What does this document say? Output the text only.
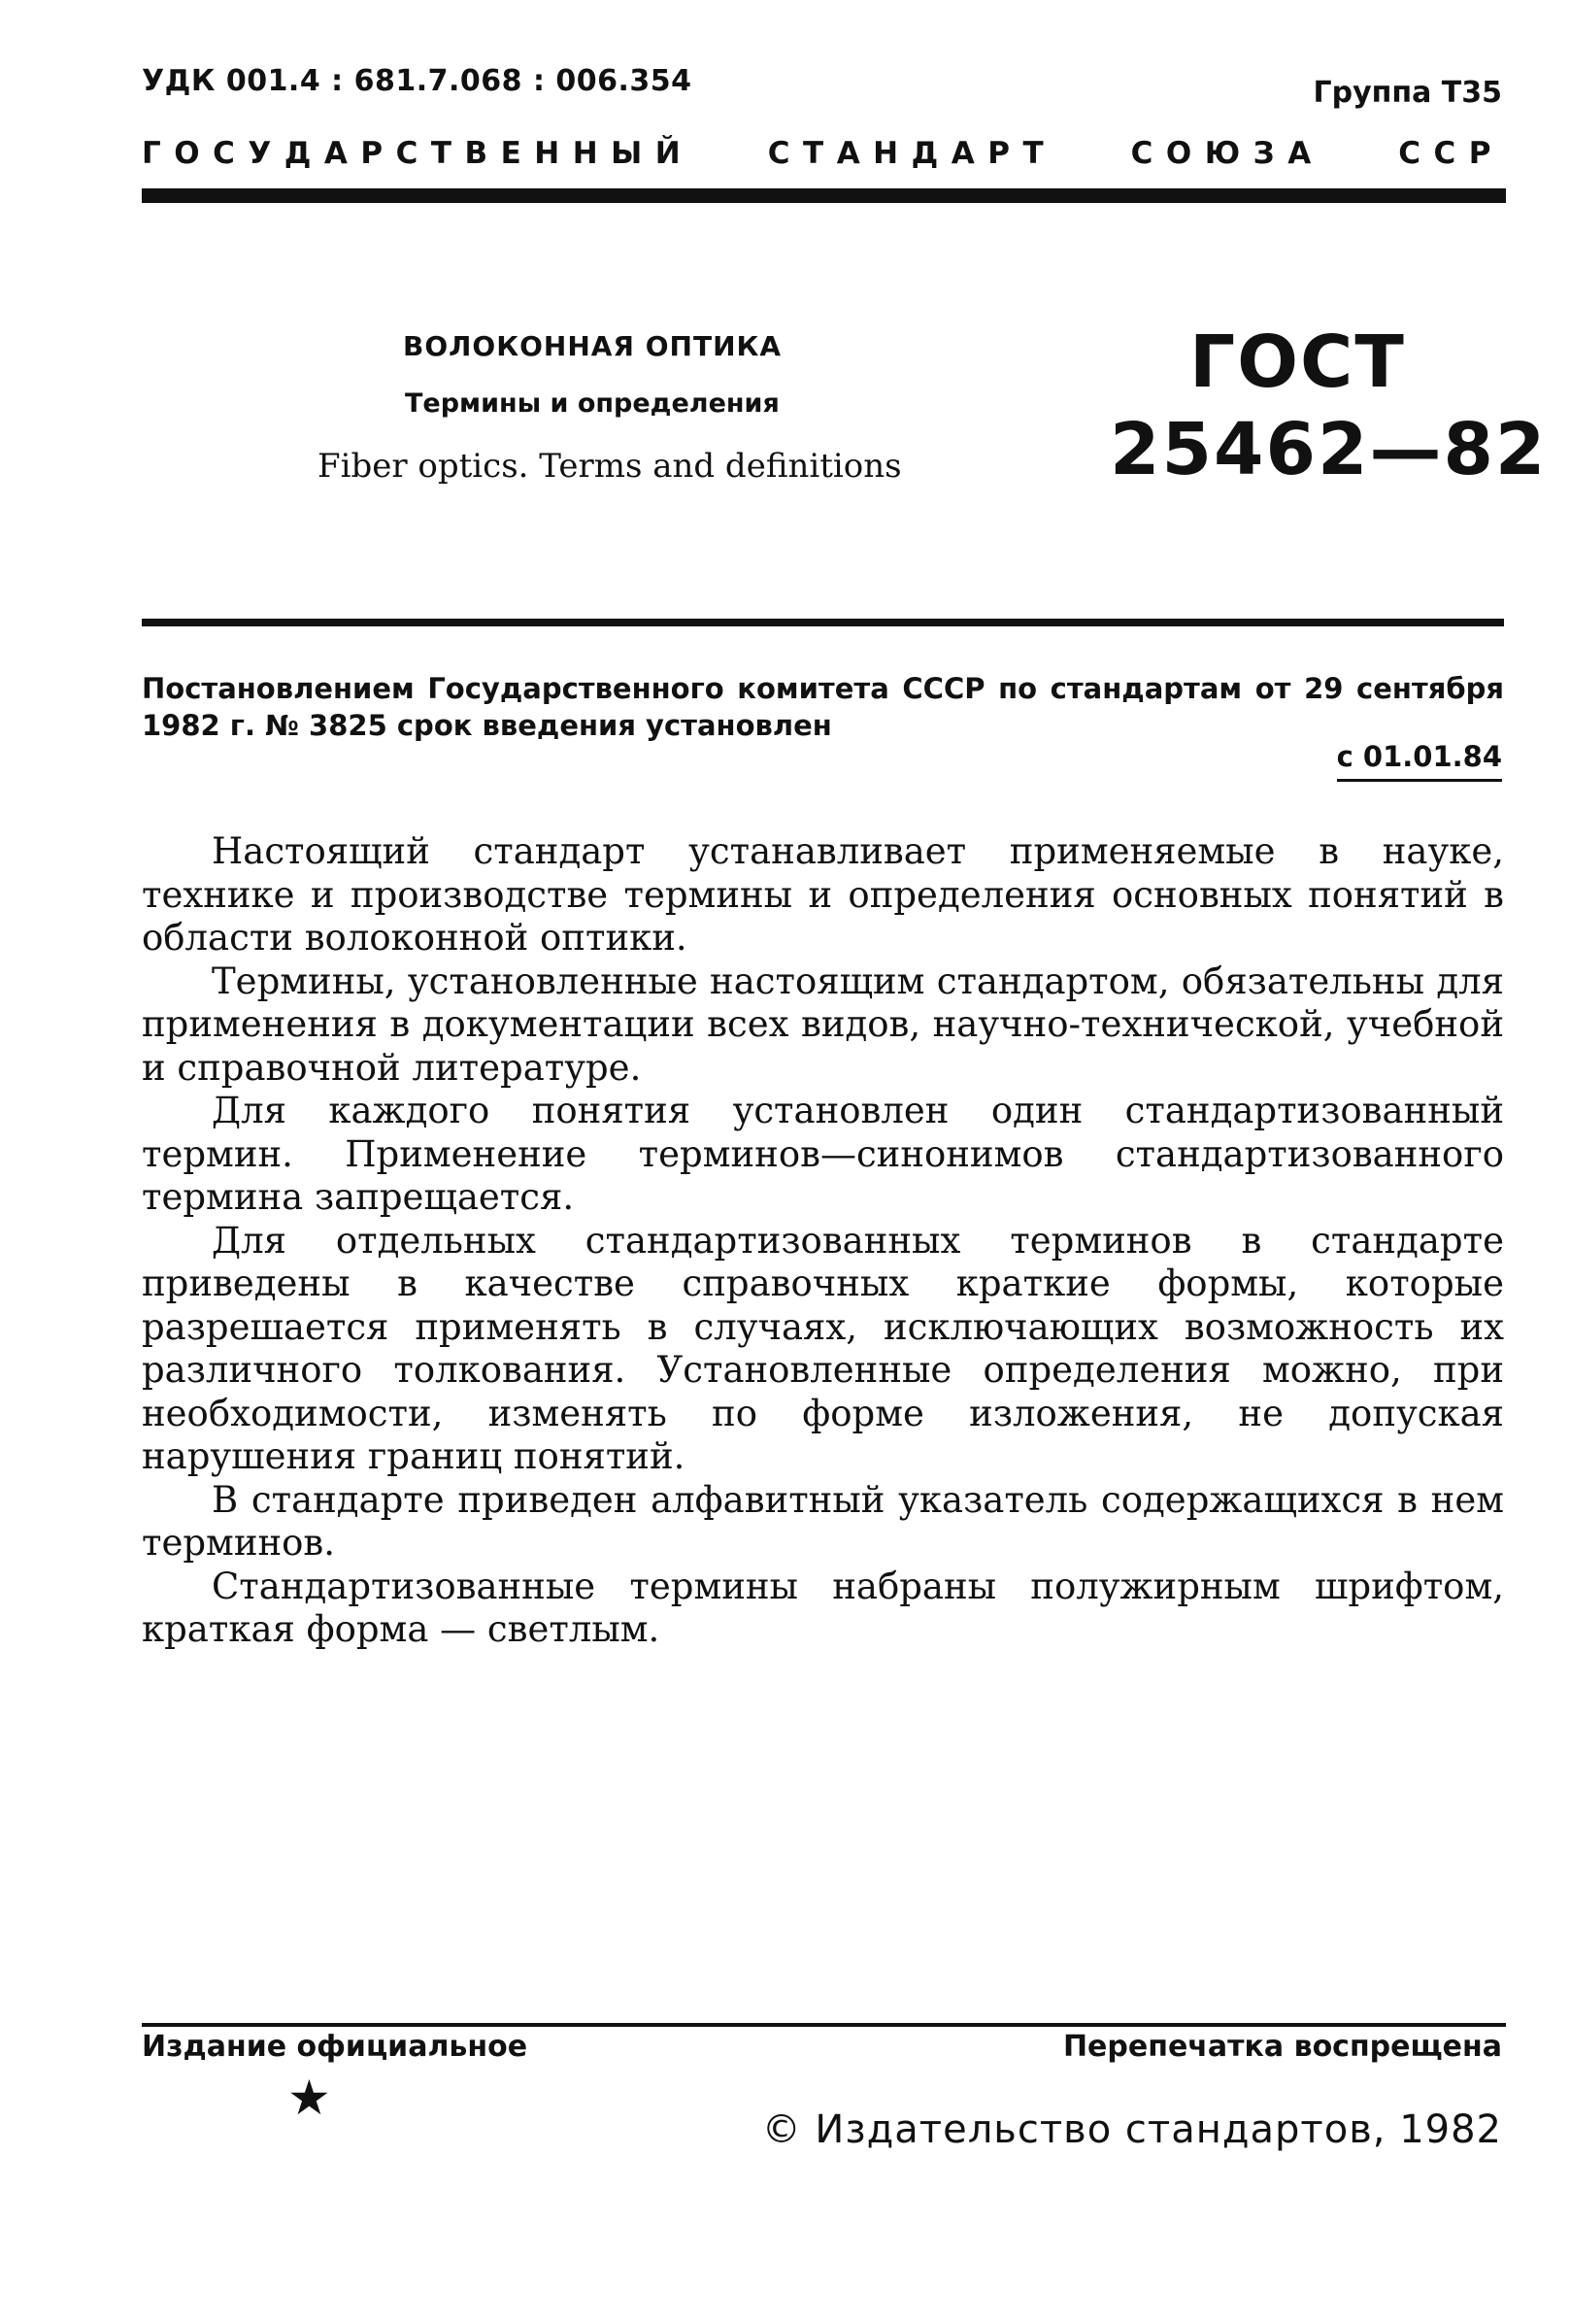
УДК 001.4 : 681.7.068 : 006.354	Группа Т35
ГОСУДАРСТВЕННЫЙ СТАНДАРТ СОЮЗА ССР
ВОЛОКОННАЯ ОПТИКА
Термины и определения
Fiber optics. Terms and definitions
ГОСТ
25462—82
Постановлением Государственного комитета СССР по стандартам от 29 сентября 1982 г. № 3825 срок введения установлен
с 01.01.84

Настоящий стандарт устанавливает применяемые в науке, технике и производстве термины и определения основных понятий в области волоконной оптики.

Термины, установленные настоящим стандартом, обязательны для применения в документации всех видов, научно-технической, учебной и справочной литературе.

Для каждого понятия установлен один стандартизованный термин. Применение терминов—синонимов стандартизованного термина запрещается.

Для отдельных стандартизованных терминов в стандарте приведены в качестве справочных краткие формы, которые разрешается применять в случаях, исключающих возможность их различного толкования. Установленные определения можно, при необходимости, изменять по форме изложения, не допуская нарушения границ понятий.

В стандарте приведен алфавитный указатель содержащихся в нем терминов.

Стандартизованные термины набраны полужирным шрифтом, краткая форма — светлым.

Издание официальное	Перепечатка воспрещена
★
© Издательство стандартов, 1982
